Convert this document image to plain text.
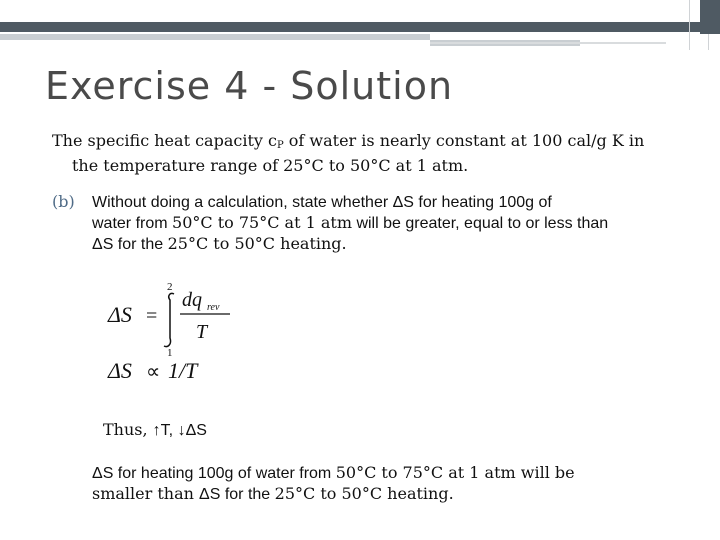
Exercise 4 - Solution
The specific heat capacity $c_P$ of water is nearly constant at 100 cal/g K in
the temperature range of 25°C to 50°C at 1 atm.
(b) Without doing a calculation, state whether ΔS for heating 100g of
water from 50°C to 75°C at 1 atm will be greater, equal to or less than
ΔS for the 25°C to 50°C heating.
ΔS =
2
1
dq rev
T
ΔS ∝ 1/T
Thus, ↑T, ↓ΔS
ΔS for heating 100g of water from 50°C to 75°C at 1 atm will be
smaller than ΔS for the 25°C to 50°C heating.
